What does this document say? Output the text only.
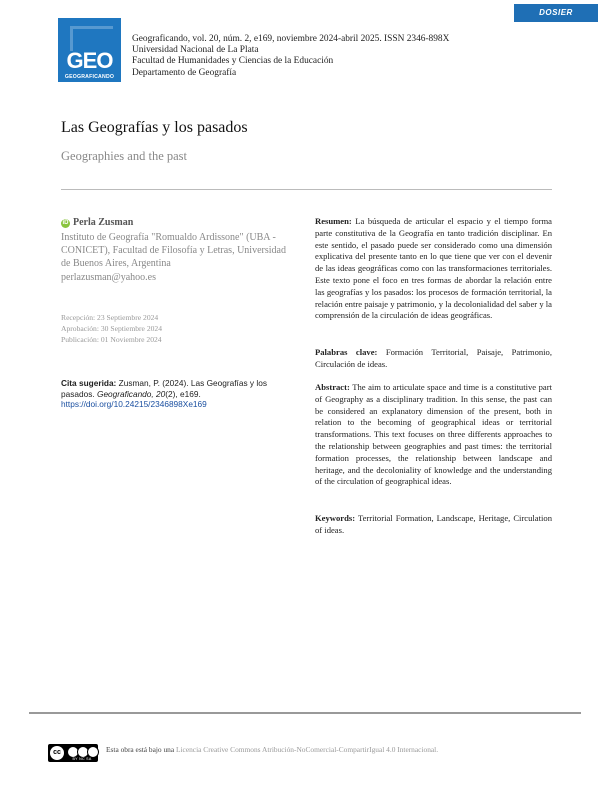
DOSIER
GEO
GEOGRAFICANDO
Geograficando, vol. 20, núm. 2, e169, noviembre 2024-abril 2025. ISSN 2346-898X
Universidad Nacional de La Plata
Facultad de Humanidades y Ciencias de la Educación
Departamento de Geografía
Las Geografías y los pasados
Geographies and the past
iD Perla Zusman
Instituto de Geografía "Romualdo Ardissone" (UBA -
CONICET), Facultad de Filosofía y Letras, Universidad
de Buenos Aires, Argentina
perlazusman@yahoo.es
Recepción: 23 Septiembre 2024
Aprobación: 30 Septiembre 2024
Publicación: 01 Noviembre 2024
Cita sugerida: Zusman, P. (2024). Las Geografías y los pasados. Geograficando, 20(2), e169.
https://doi.org/10.24215/2346898Xe169
Resumen: La búsqueda de articular el espacio y el tiempo forma parte constitutiva de la Geografía en tanto tradición disciplinar. En este sentido, el pasado puede ser considerado como una dimensión explicativa del presente tanto en lo que tiene que ver con el devenir de las ideas geográficas como con las transformaciones territoriales. Este texto pone el foco en tres formas de abordar la relación entre las geografías y los pasados: los procesos de formación territorial, la relación entre paisaje y patrimonio, y la decolonialidad del saber y la comprensión de la circulación de ideas geográficas.
Palabras clave: Formación Territorial, Paisaje, Patrimonio, Circulación de ideas.
Abstract: The aim to articulate space and time is a constitutive part of Geography as a disciplinary tradition. In this sense, the past can be considered an explanatory dimension of the present, both in relation to the becoming of geographical ideas or territorial transformations. This text focuses on three differents approaches to the relationship between geographies and past times: the territorial formation processes, the relationship between landscape and heritage, and the decoloniality of knowledge and the understanding of the circulation of geographical ideas.
Keywords: Territorial Formation, Landscape, Heritage, Circulation of ideas.
cc
BY NC SA
Esta obra está bajo una Licencia Creative Commons Atribución-NoComercial-CompartirIgual 4.0 Internacional.
